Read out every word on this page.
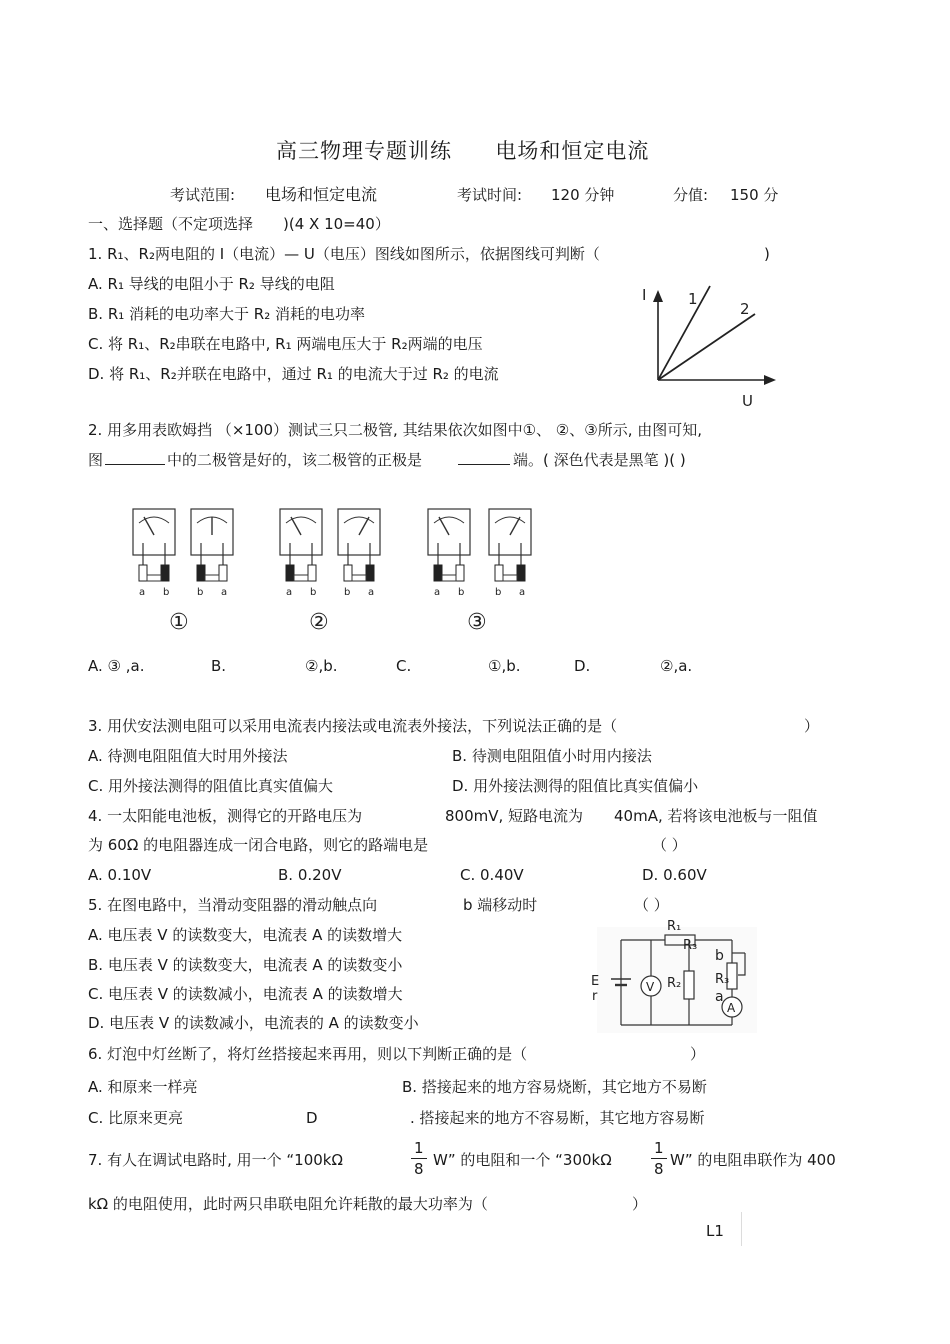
高三物理专题训练 电场和恒定电流
考试范围: 电场和恒定电流	考试时间: 120 分钟	分值: 150 分
一、选择题（不定项选择 )(4 X 10=40）
1. R₁、R₂两电阻的 I（电流）— U（电压）图线如图所示，依据图线可判断（	)
A. R₁ 导线的电阻小于 R₂ 导线的电阻
B. R₁ 消耗的电功率大于 R₂ 消耗的电功率
C. 将 R₁、R₂串联在电路中, R₁ 两端电压大于 R₂两端的电压
D. 将 R₁、R₂并联在电路中，通过 R₁ 的电流大于过 R₂ 的电流
I	1
2
U
2. 用多用表欧姆挡 （×100）测试三只二极管, 其结果依次如图中①、 ②、③所示, 由图可知,
图	中的二极管是好的，该二极管的正极是	端。( 深色代表是黑笔 )( )
a b	b a	a b	b a	a b	b a
①	②	③
A. ③ ,a.	B.	②,b.	C.	①,b.	D.	②,a.
3. 用伏安法测电阻可以采用电流表内接法或电流表外接法，下列说法正确的是（	）
A. 待测电阻阻值大时用外接法	B. 待测电阻阻值小时用内接法
C. 用外接法测得的阻值比真实值偏大	D. 用外接法测得的阻值比真实值偏小
4. 一太阳能电池板，测得它的开路电压为	800mV, 短路电流为 40mA, 若将该电池板与一阻值
为 60Ω 的电阻器连成一闭合电路，则它的路端电是	（ ）
A. 0.10V	B. 0.20V	C. 0.40V	D. 0.60V
5. 在图电路中，当滑动变阻器的滑动触点向	b 端移动时	（ ）
A. 电压表 V 的读数变大，电流表 A 的读数增大
B. 电压表 V 的读数变大，电流表 A 的读数变小
C. 电压表 V 的读数减小，电流表 A 的读数增大
D. 电压表 V 的读数减小，电流表的 A 的读数变小
V
A
R₁
R₃
b
R₃
a
R₂
E
r
6. 灯泡中灯丝断了，将灯丝搭接起来再用，则以下判断正确的是（	）
A. 和原来一样亮	B. 搭接起来的地方容易烧断，其它地方不易断
C. 比原来更亮	D	. 搭接起来的地方不容易断，其它地方容易断
7. 有人在调试电路时, 用一个 “100kΩ	$\frac{1}{8} W$” 的电阻和一个 “300kΩ	$\frac{1}{8} W$” 的电阻串联作为 400
kΩ 的电阻使用，此时两只串联电阻允许耗散的最大功率为（	）
L1
